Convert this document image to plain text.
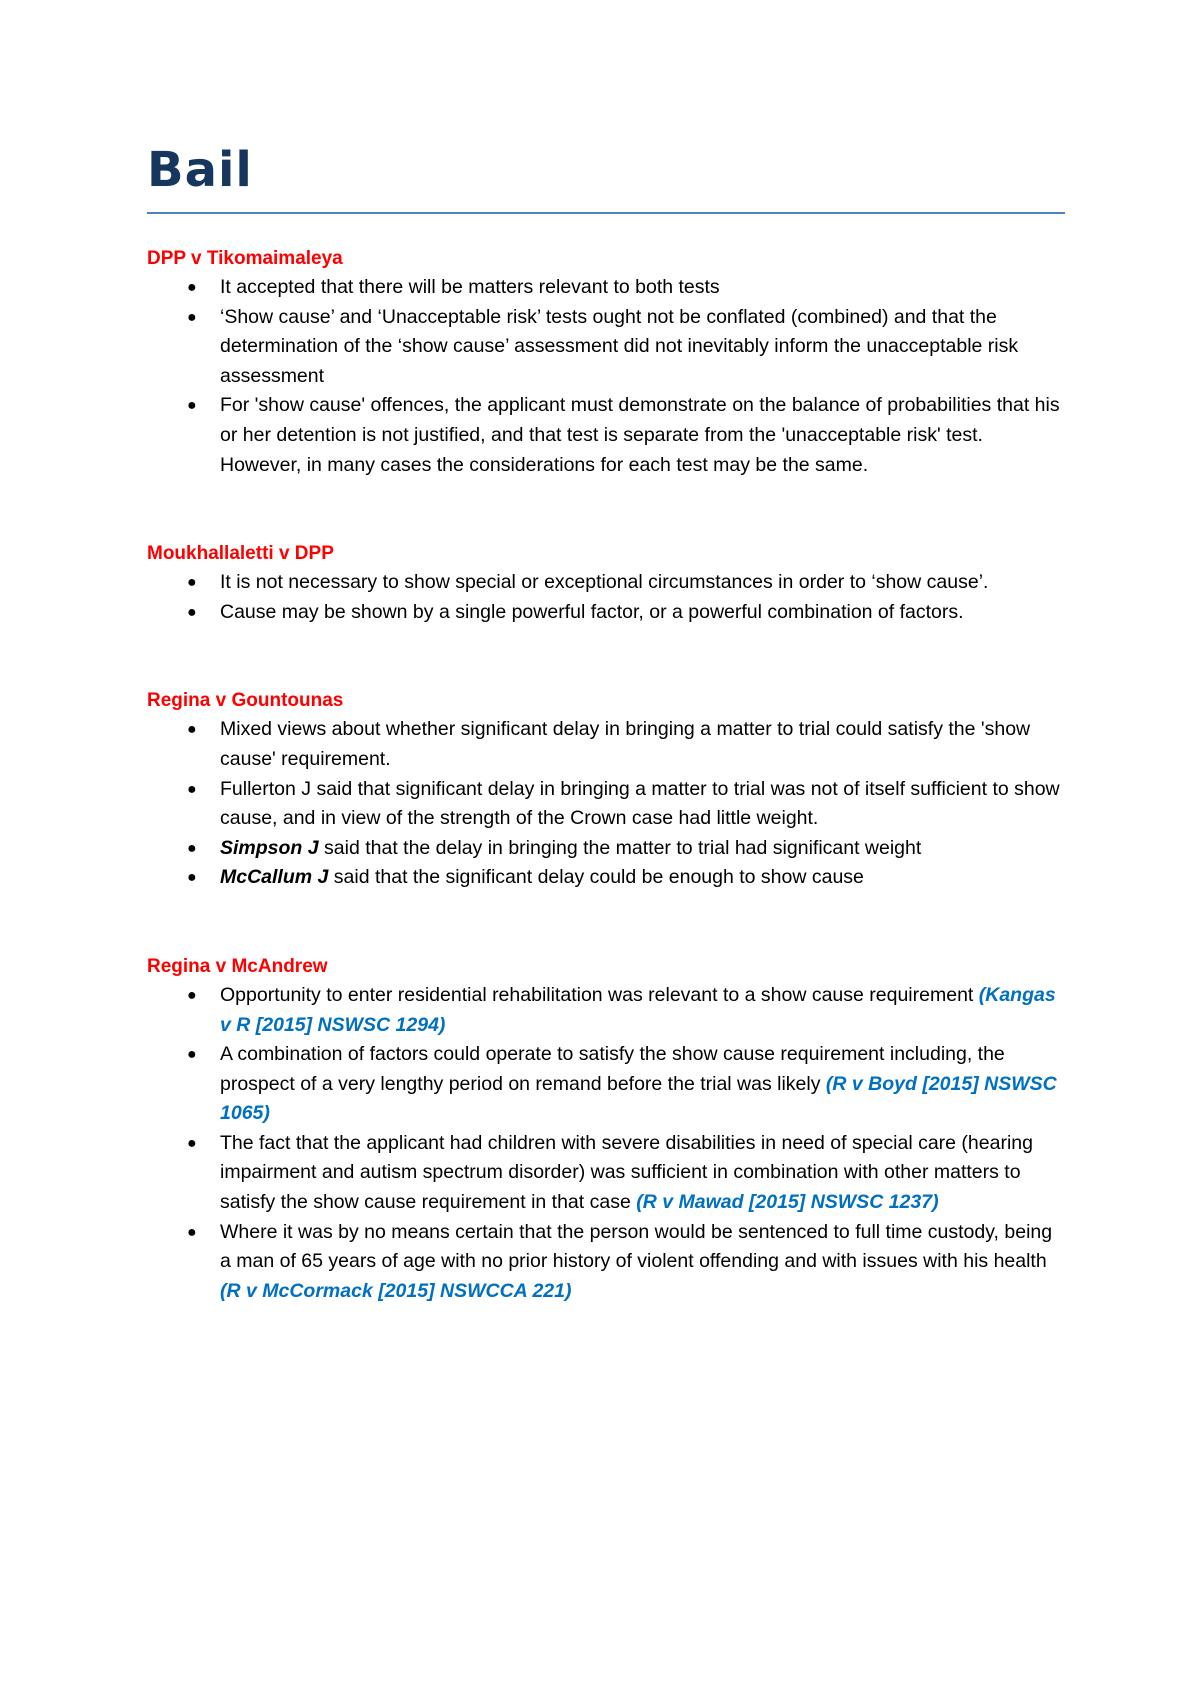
Bail
DPP v Tikomaimaleya
● It accepted that there will be matters relevant to both tests
● ‘Show cause’ and ‘Unacceptable risk’ tests ought not be conflated (combined) and that the determination of the ‘show cause’ assessment did not inevitably inform the unacceptable risk assessment
● For 'show cause' offences, the applicant must demonstrate on the balance of probabilities that his or her detention is not justified, and that test is separate from the 'unacceptable risk' test. However, in many cases the considerations for each test may be the same.
Moukhallaletti v DPP
● It is not necessary to show special or exceptional circumstances in order to ‘show cause’.
● Cause may be shown by a single powerful factor, or a powerful combination of factors.
Regina v Gountounas
● Mixed views about whether significant delay in bringing a matter to trial could satisfy the 'show cause' requirement.
● Fullerton J said that significant delay in bringing a matter to trial was not of itself sufficient to show cause, and in view of the strength of the Crown case had little weight.
● Simpson J said that the delay in bringing the matter to trial had significant weight
● McCallum J said that the significant delay could be enough to show cause
Regina v McAndrew
● Opportunity to enter residential rehabilitation was relevant to a show cause requirement (Kangas v R [2015] NSWSC 1294)
● A combination of factors could operate to satisfy the show cause requirement including, the prospect of a very lengthy period on remand before the trial was likely (R v Boyd [2015] NSWSC 1065)
● The fact that the applicant had children with severe disabilities in need of special care (hearing impairment and autism spectrum disorder) was sufficient in combination with other matters to satisfy the show cause requirement in that case (R v Mawad [2015] NSWSC 1237)
● Where it was by no means certain that the person would be sentenced to full time custody, being a man of 65 years of age with no prior history of violent offending and with issues with his health (R v McCormack [2015] NSWCCA 221)
